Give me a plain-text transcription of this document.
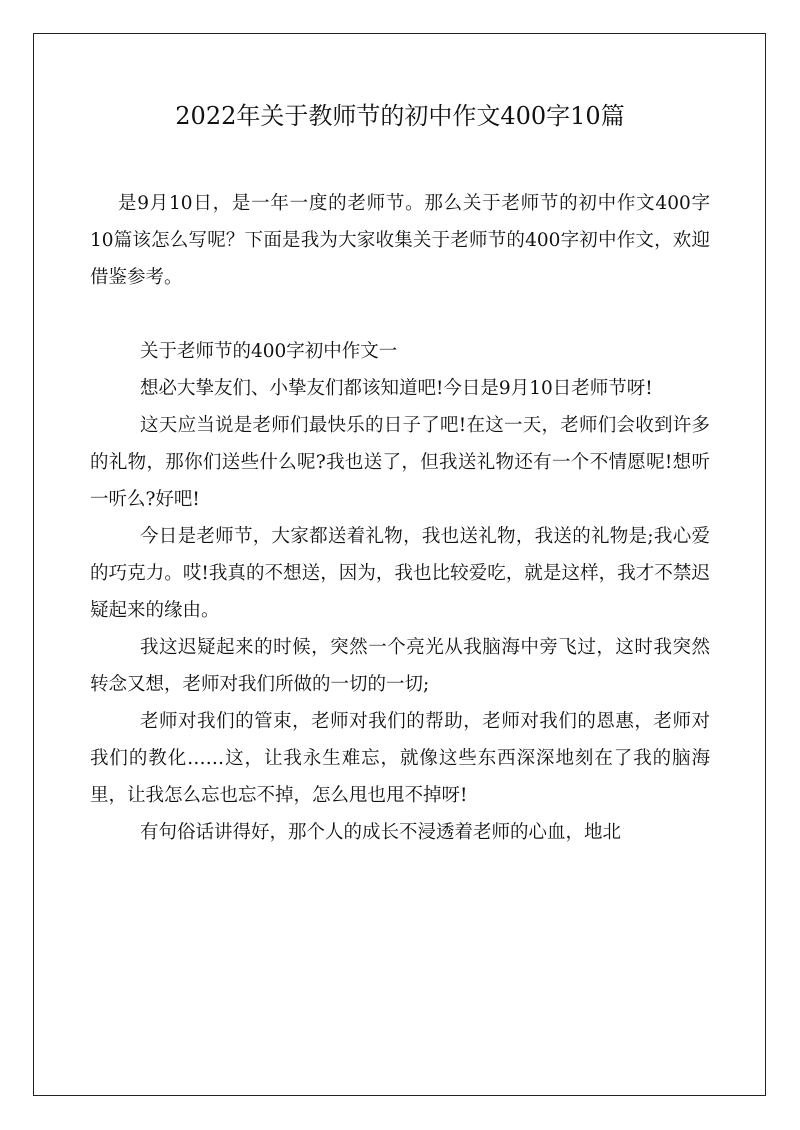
2022年关于教师节的初中作文400字10篇

是9月10日，是一年一度的老师节。那么关于老师节的初中作文400字10篇该怎么写呢？下面是我为大家收集关于老师节的400字初中作文，欢迎借鉴参考。

关于老师节的400字初中作文一

想必大挚友们、小挚友们都该知道吧!今日是9月10日老师节呀!

这天应当说是老师们最快乐的日子了吧!在这一天，老师们会收到许多的礼物，那你们送些什么呢?我也送了，但我送礼物还有一个不情愿呢!想听一听么?好吧!

今日是老师节，大家都送着礼物，我也送礼物，我送的礼物是;我心爱的巧克力。哎!我真的不想送，因为，我也比较爱吃，就是这样，我才不禁迟疑起来的缘由。

我这迟疑起来的时候，突然一个亮光从我脑海中旁飞过，这时我突然转念又想，老师对我们所做的一切的一切;

老师对我们的管束，老师对我们的帮助，老师对我们的恩惠，老师对我们的教化……这，让我永生难忘，就像这些东西深深地刻在了我的脑海里，让我怎么忘也忘不掉，怎么甩也甩不掉呀!

有句俗话讲得好，那个人的成长不浸透着老师的心血，地北
